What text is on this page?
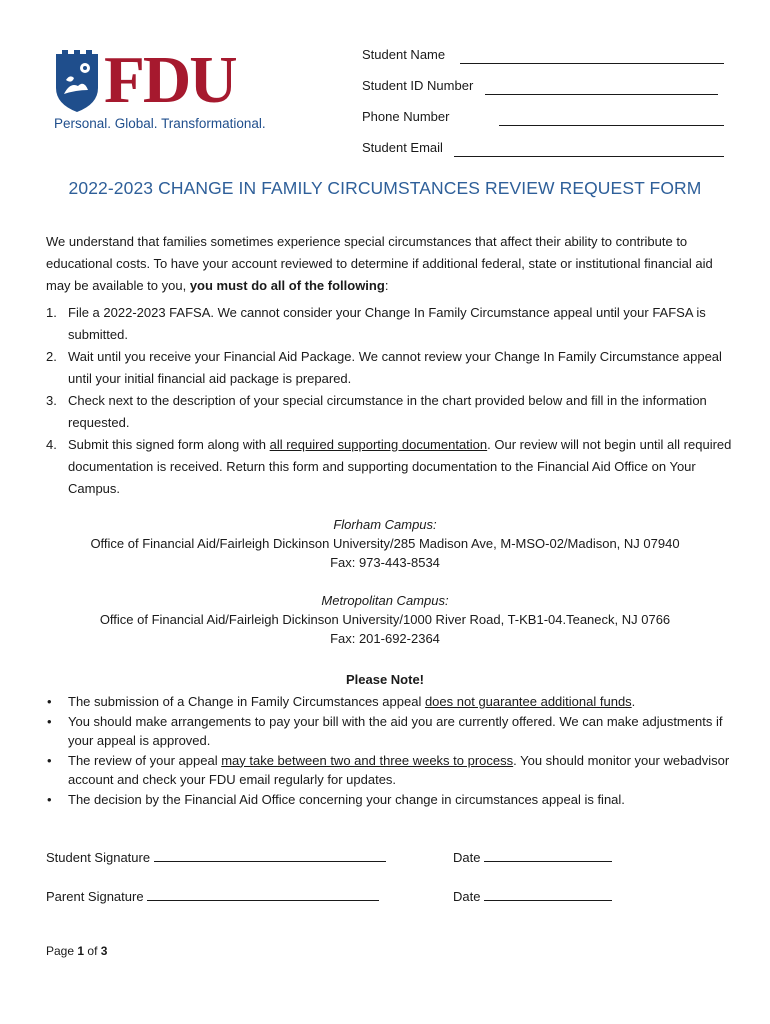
FDU
Personal. Global. Transformational.
Student Name
Student ID Number
Phone Number
Student Email
2022-2023 CHANGE IN FAMILY CIRCUMSTANCES REVIEW REQUEST FORM
We understand that families sometimes experience special circumstances that affect their ability to contribute to educational costs. To have your account reviewed to determine if additional federal, state or institutional financial aid may be available to you, you must do all of the following:
1. File a 2022-2023 FAFSA. We cannot consider your Change In Family Circumstance appeal until your FAFSA is submitted.
2. Wait until you receive your Financial Aid Package. We cannot review your Change In Family Circumstance appeal until your initial financial aid package is prepared.
3. Check next to the description of your special circumstance in the chart provided below and fill in the information requested.
4. Submit this signed form along with all required supporting documentation. Our review will not begin until all required documentation is received. Return this form and supporting documentation to the Financial Aid Office on Your Campus.
Florham Campus:
Office of Financial Aid/Fairleigh Dickinson University/285 Madison Ave, M-MSO-02/Madison, NJ 07940
Fax: 973-443-8534
Metropolitan Campus:
Office of Financial Aid/Fairleigh Dickinson University/1000 River Road, T-KB1-04.Teaneck, NJ 0766
Fax: 201-692-2364
Please Note!
• The submission of a Change in Family Circumstances appeal does not guarantee additional funds.
• You should make arrangements to pay your bill with the aid you are currently offered. We can make adjustments if your appeal is approved.
• The review of your appeal may take between two and three weeks to process. You should monitor your webadvisor account and check your FDU email regularly for updates.
• The decision by the Financial Aid Office concerning your change in circumstances appeal is final.
Student Signature	Date
Parent Signature	Date
Page 1 of 3
